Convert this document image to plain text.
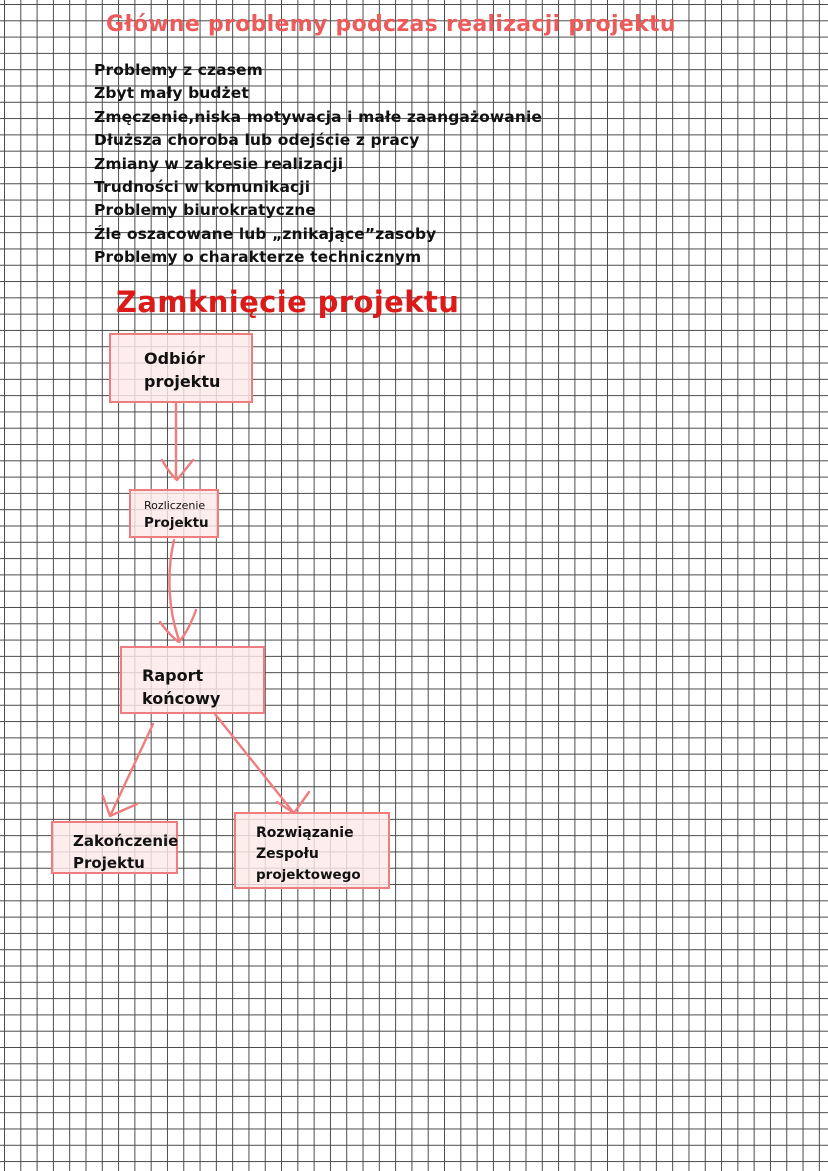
Główne problemy podczas realizacji projektu
Problemy z czasem
Zbyt mały budżet
Zmęczenie,niska motywacja i małe zaangażowanie
Dłuższa choroba lub odejście z pracy
Zmiany w zakresie realizacji
Trudności w komunikacji
Problemy biurokratyczne
Źle oszacowane lub „znikające”zasoby
Problemy o charakterze technicznym
Zamknięcie projektu
Odbiór
projektu
Rozliczenie
Projektu
Raport
końcowy
Zakończenie
Projektu
Rozwiązanie
Zespołu
projektowego
